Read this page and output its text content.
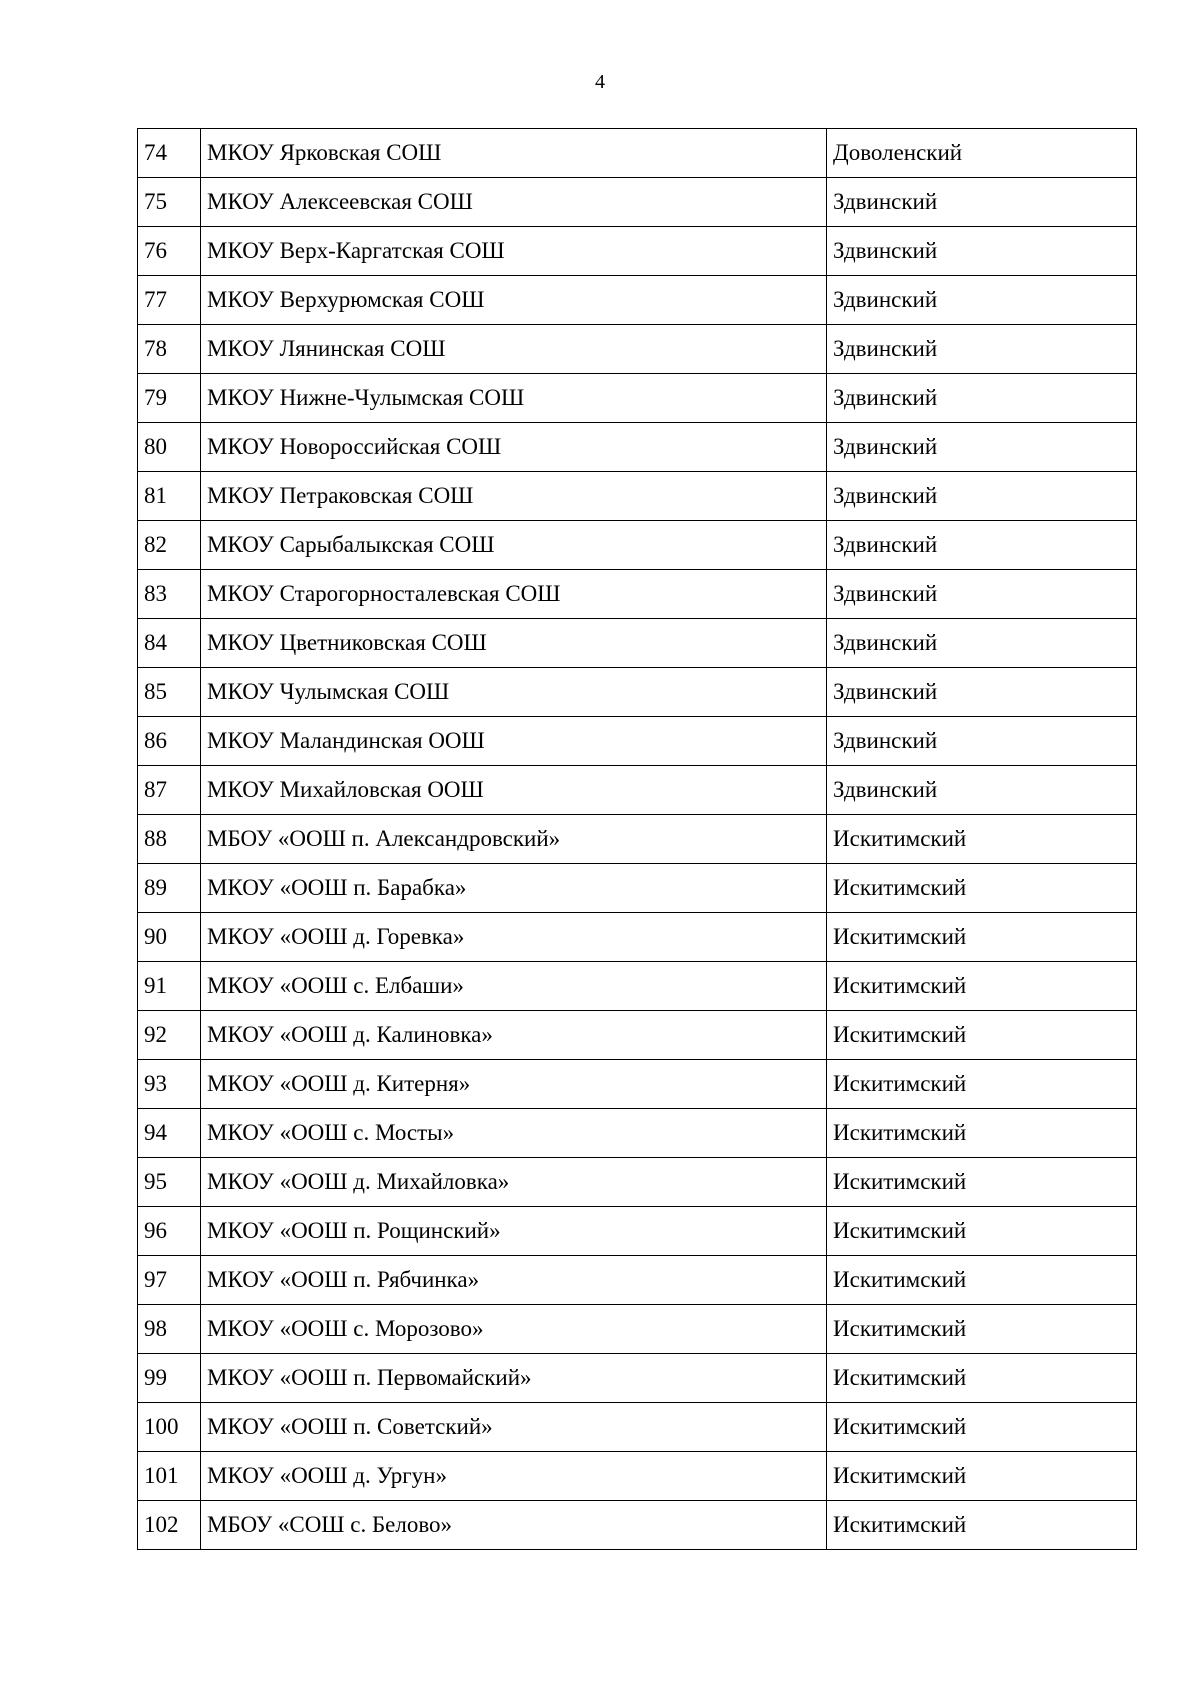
4
74	МКОУ Ярковская СОШ	Доволенский
75	МКОУ Алексеевская СОШ	Здвинский
76	МКОУ Верх-Каргатская СОШ	Здвинский
77	МКОУ Верхурюмская СОШ	Здвинский
78	МКОУ Лянинская СОШ	Здвинский
79	МКОУ Нижне-Чулымская СОШ	Здвинский
80	МКОУ Новороссийская СОШ	Здвинский
81	МКОУ Петраковская СОШ	Здвинский
82	МКОУ Сарыбалыкская СОШ	Здвинский
83	МКОУ Старогорносталевская СОШ	Здвинский
84	МКОУ Цветниковская СОШ	Здвинский
85	МКОУ Чулымская СОШ	Здвинский
86	МКОУ Маландинская ООШ	Здвинский
87	МКОУ Михайловская ООШ	Здвинский
88	МБОУ «ООШ п. Александровский»	Искитимский
89	МКОУ «ООШ п. Барабка»	Искитимский
90	МКОУ «ООШ д. Горевка»	Искитимский
91	МКОУ «ООШ с. Елбаши»	Искитимский
92	МКОУ «ООШ д. Калиновка»	Искитимский
93	МКОУ «ООШ д. Китерня»	Искитимский
94	МКОУ «ООШ с. Мосты»	Искитимский
95	МКОУ «ООШ д. Михайловка»	Искитимский
96	МКОУ «ООШ п. Рощинский»	Искитимский
97	МКОУ «ООШ п. Рябчинка»	Искитимский
98	МКОУ «ООШ с. Морозово»	Искитимский
99	МКОУ «ООШ п. Первомайский»	Искитимский
100	МКОУ «ООШ п. Советский»	Искитимский
101	МКОУ «ООШ д. Ургун»	Искитимский
102	МБОУ «СОШ с. Белово»	Искитимский
